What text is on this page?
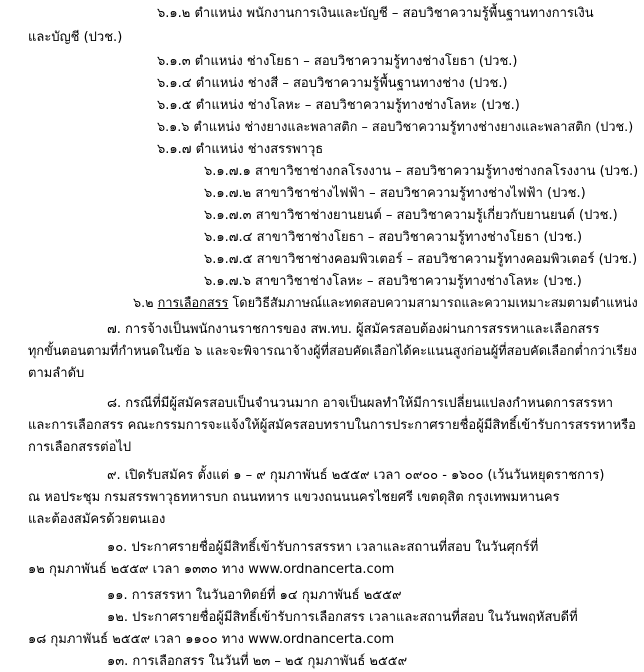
๖.๑.๒ ตำแหน่ง พนักงานการเงินและบัญชี – สอบวิชาความรู้พื้นฐานทางการเงิน
และบัญชี (ปวช.)
๖.๑.๓ ตำแหน่ง ช่างโยธา – สอบวิชาความรู้ทางช่างโยธา (ปวช.)
๖.๑.๔ ตำแหน่ง ช่างสี – สอบวิชาความรู้พื้นฐานทางช่าง (ปวช.)
๖.๑.๕ ตำแหน่ง ช่างโลหะ – สอบวิชาความรู้ทางช่างโลหะ (ปวช.)
๖.๑.๖ ตำแหน่ง ช่างยางและพลาสติก – สอบวิชาความรู้ทางช่างยางและพลาสติก (ปวช.)
๖.๑.๗ ตำแหน่ง ช่างสรรพาวุธ
๖.๑.๗.๑ สาขาวิชาช่างกลโรงงาน – สอบวิชาความรู้ทางช่างกลโรงงาน (ปวช.)
๖.๑.๗.๒ สาขาวิชาช่างไฟฟ้า – สอบวิชาความรู้ทางช่างไฟฟ้า (ปวช.)
๖.๑.๗.๓ สาขาวิชาช่างยานยนต์ – สอบวิชาความรู้เกี่ยวกับยานยนต์ (ปวช.)
๖.๑.๗.๔ สาขาวิชาช่างโยธา – สอบวิชาความรู้ทางช่างโยธา (ปวช.)
๖.๑.๗.๕ สาขาวิชาช่างคอมพิวเตอร์ – สอบวิชาความรู้ทางคอมพิวเตอร์ (ปวช.)
๖.๑.๗.๖ สาขาวิชาช่างโลหะ – สอบวิชาความรู้ทางช่างโลหะ (ปวช.)
๖.๒ การเลือกสรร โดยวิธีสัมภาษณ์และทดสอบความสามารถและความเหมาะสมตามตำแหน่ง
๗. การจ้างเป็นพนักงานราชการของ สพ.ทบ. ผู้สมัครสอบต้องผ่านการสรรหาและเลือกสรร
ทุกขั้นตอนตามที่กำหนดในข้อ ๖ และจะพิจารณาจ้างผู้ที่สอบคัดเลือกได้คะแนนสูงก่อนผู้ที่สอบคัดเลือกต่ำกว่าเรียง
ตามลำดับ
๘. กรณีที่มีผู้สมัครสอบเป็นจำนวนมาก อาจเป็นผลทำให้มีการเปลี่ยนแปลงกำหนดการสรรหา
และการเลือกสรร คณะกรรมการจะแจ้งให้ผู้สมัครสอบทราบในการประกาศรายชื่อผู้มีสิทธิ์เข้ารับการสรรหาหรือ
การเลือกสรรต่อไป
๙. เปิดรับสมัคร ตั้งแต่ ๑ – ๙ กุมภาพันธ์ ๒๕๕๙ เวลา ๐๙๐๐ - ๑๖๐๐ (เว้นวันหยุดราชการ)
ณ หอประชุม กรมสรรพาวุธทหารบก ถนนทหาร แขวงถนนนครไชยศรี เขตดุสิต กรุงเทพมหานคร
และต้องสมัครด้วยตนเอง
๑๐. ประกาศรายชื่อผู้มีสิทธิ์เข้ารับการสรรหา เวลาและสถานที่สอบ ในวันศุกร์ที่
๑๒ กุมภาพันธ์ ๒๕๕๙ เวลา ๑๓๓๐ ทาง www.ordnancerta.com
๑๑. การสรรหา ในวันอาทิตย์ที่ ๑๔ กุมภาพันธ์ ๒๕๕๙
๑๒. ประกาศรายชื่อผู้มีสิทธิ์เข้ารับการเลือกสรร เวลาและสถานที่สอบ ในวันพฤหัสบดีที่
๑๘ กุมภาพันธ์ ๒๕๕๙ เวลา ๑๑๐๐ ทาง www.ordnancerta.com
๑๓. การเลือกสรร ในวันที่ ๒๓ – ๒๕ กุมภาพันธ์ ๒๕๕๙
